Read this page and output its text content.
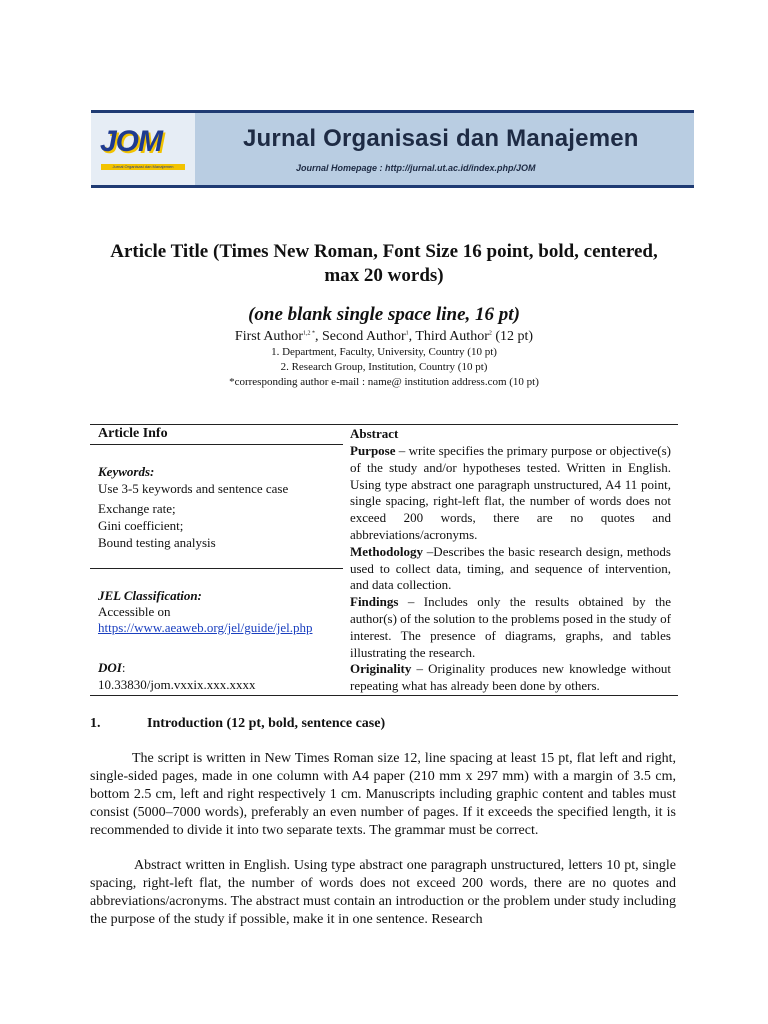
JOM
Jurnal Organisasi dan Manajemen
Jurnal Organisasi dan Manajemen
Journal Homepage : http://jurnal.ut.ac.id/index.php/JOM
Article Title (Times New Roman, Font Size 16 point, bold, centered,
max 20 words)
(one blank single space line, 16 pt)
First Author$^{1,2 *}$, Second Author$^1$, Third Author$^2$ (12 pt)
1. Department, Faculty, University, Country (10 pt)
2. Research Group, Institution, Country (10 pt)
*corresponding author e-mail : name@ institution address.com (10 pt)
Article Info
Keywords:
Use 3-5 keywords and sentence case
Exchange rate;
Gini coefficient;
Bound testing analysis
JEL Classification:
Accessible on
https://www.aeaweb.org/jel/guide/jel.php
DOI:
10.33830/jom.vxxix.xxx.xxxx
Abstract

Purpose – write specifies the primary purpose or objective(s) of the study and/or hypotheses tested. Written in English. Using type abstract one paragraph unstructured, A4 11 point, single spacing, right-left flat, the number of words does not exceed 200 words, there are no quotes and abbreviations/acronyms.

Methodology –Describes the basic research design, methods used to collect data, timing, and sequence of intervention, and data collection.

Findings – Includes only the results obtained by the author(s) of the solution to the problems posed in the study of interest. The presence of diagrams, graphs, and tables illustrating the research.

Originality – Originality produces new knowledge without repeating what has already been done by others.

1.	Introduction (12 pt, bold, sentence case)

The script is written in New Times Roman size 12, line spacing at least 15 pt, flat left and right, single-sided pages, made in one column with A4 paper (210 mm x 297 mm) with a margin of 3.5 cm, bottom 2.5 cm, left and right respectively 1 cm. Manuscripts including graphic content and tables must consist (5000–7000 words), preferably an even number of pages. If it exceeds the specified length, it is recommended to divide it into two separate texts. The grammar must be correct.

Abstract written in English. Using type abstract one paragraph unstructured, letters 10 pt, single spacing, right-left flat, the number of words does not exceed 200 words, there are no quotes and abbreviations/acronyms. The abstract must contain an introduction or the problem under study including the purpose of the study if possible, make it in one sentence. Research
